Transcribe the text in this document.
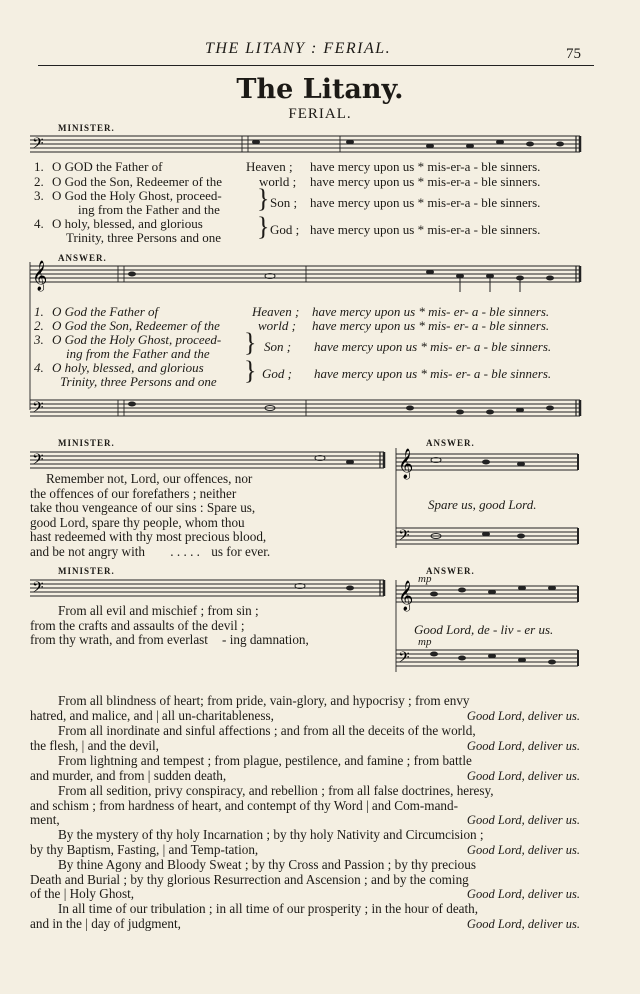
THE LITANY : FERIAL.	75
The Litany.
FERIAL.
MINISTER.
𝄢
1. O GOD the Father of	Heaven ; have mercy upon us * mis-er-a - ble sinners.
2. O God the Son, Redeemer of the	world ; have mercy upon us * mis-er-a - ble sinners.
3. O God the Holy Ghost, proceed-
ing from the Father and the } Son ; have mercy upon us * mis-er-a - ble sinners.
4. O holy, blessed, and glorious
Trinity, three Persons and one } God ; have mercy upon us * mis-er-a - ble sinners.
ANSWER.
𝄞
1. O God the Father of	Heaven ; have mercy upon us * mis- er- a - ble sinners.
2. O God the Son, Redeemer of the	world ; have mercy upon us * mis- er- a - ble sinners.
3. O God the Holy Ghost, proceed-
ing from the Father and the } Son ; have mercy upon us * mis- er- a - ble sinners.
4. O holy, blessed, and glorious
Trinity, three Persons and one } God ; have mercy upon us * mis- er- a - ble sinners.
𝄢
MINISTER.
𝄢
Remember not, Lord, our offences, nor
the offences of our forefathers ; neither
take thou vengeance of our sins : Spare us,
good Lord, spare thy people, whom thou
hast redeemed with thy most precious blood,
and be not angry with . . . . . us for ever.
ANSWER.
𝄞
Spare us, good Lord.
𝄢
MINISTER.
𝄢
From all evil and mischief ; from sin ;
from the crafts and assaults of the devil ;
from thy wrath, and from everlast - ing damnation,
ANSWER.
mp
𝄞
Good Lord, de - liv - er us.
mp
𝄢
From all blindness of heart; from pride, vain-glory, and hypocrisy ; from envy
hatred, and malice, and | all un-charitableness,	Good Lord, deliver us.
From all inordinate and sinful affections ; and from all the deceits of the world,
the flesh, | and the devil,	Good Lord, deliver us.
From lightning and tempest ; from plague, pestilence, and famine ; from battle
and murder, and from | sudden death,	Good Lord, deliver us.
From all sedition, privy conspiracy, and rebellion ; from all false doctrines, heresy,
and schism ; from hardness of heart, and contempt of thy Word | and Com-mand-
ment,	Good Lord, deliver us.
By the mystery of thy holy Incarnation ; by thy holy Nativity and Circumcision ;
by thy Baptism, Fasting, | and Temp-tation,	Good Lord, deliver us.
By thine Agony and Bloody Sweat ; by thy Cross and Passion ; by thy precious
Death and Burial ; by thy glorious Resurrection and Ascension ; and by the coming
of the | Holy Ghost,	Good Lord, deliver us.
In all time of our tribulation ; in all time of our prosperity ; in the hour of death,
and in the | day of judgment,	Good Lord, deliver us.
